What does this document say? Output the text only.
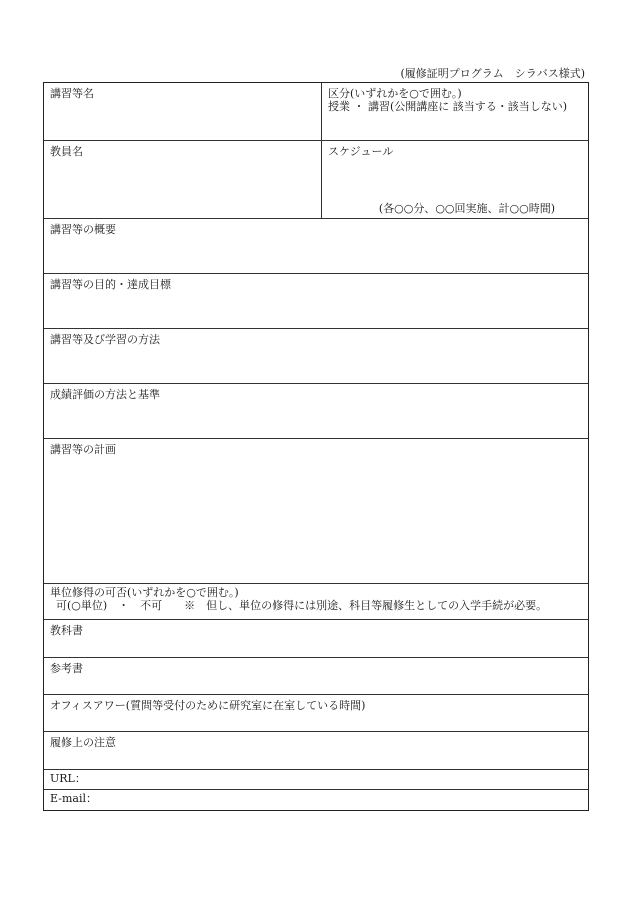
(履修証明プログラム　シラバス様式)
講習等名	区分(いずれかを○で囲む。)
授業 ・ 講習(公開講座に 該当する・該当しない)
教員名	スケジュール
(各○○分、○○回実施、計○○時間)
講習等の概要
講習等の目的・達成目標
講習等及び学習の方法
成績評価の方法と基準
講習等の計画
単位修得の可否(いずれかを○で囲む。)
可(○単位)　・　不可　　※　但し、単位の修得には別途、科目等履修生としての入学手続が必要。
教科書
参考書
オフィスアワー(質問等受付のために研究室に在室している時間)
履修上の注意
URL：
E-mail：
